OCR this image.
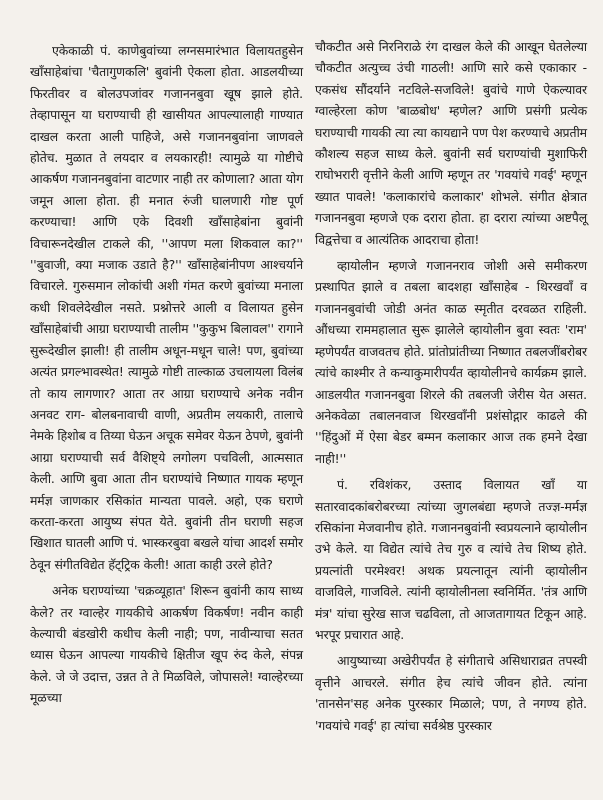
एकेकाळी पं. काणेबुवांच्या लग्नसमारंभात विलायतहुसेन खाँसाहेबांचा 'चैतागुणकलि' बुवांनी ऐकला होता. आडलयीच्या फिरतीवर व बोलउपजांवर गजाननबुवा खूष झाले होते. तेव्हापासून या घराण्याची ही खासीयत आपल्यालाही गाण्यात दाखल करता आली पाहिजे, असे गजाननबुवांना जाणवले होतेच. मुळात ते लयदार व लयकारही! त्यामुळे या गोष्टीचे आकर्षण गजाननबुवांना वाटणार नाही तर कोणाला? आता योग जमून आला होता. ही मनात रुंजी घालणारी गोष्ट पूर्ण करण्याचा! आणि एके दिवशी खाँसाहेबांना बुवांनी विचारूनदेखील टाकले की, ''आपण मला शिकवाल का?'' ''बुवाजी, क्या मजाक उडाते है?'' खाँसाहेबांनीपण आश्चर्याने विचारले. गुरुसमान लोकांची अशी गंमत करणे बुवांच्या मनाला कधी शिवलेदेखील नसते. प्रश्नोत्तरे आली व विलायत हुसेन खाँसाहेबांची आग्रा घराण्याची तालीम ''कुकुभ बिलावल'' रागाने सुरूदेखील झाली! ही तालीम अधून-मधून चाले! पण, बुवांच्या अत्यंत प्रगल्भावस्थेत! त्यामुळे गोष्टी ताल्काळ उचलायला विलंब तो काय लागणार? आता तर आग्रा घराण्याचे अनेक नवीन अनवट राग- बोलबनावाची वाणी, अप्रतीम लयकारी, तालाचे नेमके हिशोब व तिय्या घेऊन अचूक समेवर येऊन ठेपणे, बुवांनी आग्रा घराण्याची सर्व वैशिष्ट्ये लगोलग पचविली, आत्मसात केली. आणि बुवा आता तीन घराण्यांचे निष्णात गायक म्हणून मर्मज्ञ जाणकार रसिकांत मान्यता पावले. अहो, एक घराणे करता-करता आयुष्य संपत येते. बुवांनी तीन घराणी सहज खिशात घातली आणि पं. भास्करबुवा बखले यांचा आदर्श समोर ठेवून संगीतविद्येत हॅट्ट्रिक केली! आता काही उरले होते?

अनेक घराण्यांच्या 'चक्रव्यूहात' शिरून बुवांनी काय साध्य केले? तर ग्वाल्हेर गायकीचे आकर्षण विकर्षण! नवीन काही केल्याची बंडखोरी कधीच केली नाही; पण, नावीन्याचा सतत ध्यास घेऊन आपल्या गायकीचे क्षितीज खूप रुंद केले, संपन्न केले. जे जे उदात्त, उन्नत ते ते मिळविले, जोपासले! ग्वाल्हेरच्या मूळच्या

चौकटीत असे निरनिराळे रंग दाखल केले की आखून घेतलेल्या चौकटीत अत्युच्च उंची गाठली! आणि सारे कसे एकाकार - एकसंध सौंदर्याने नटविले-सजविले! बुवांचे गाणे ऐकल्यावर ग्वाल्हेरला कोण 'बाळबोध' म्हणेल? आणि प्रसंगी प्रत्येक घराण्याची गायकी त्या त्या कायद्याने पण पेश करण्याचे अप्रतीम कौशल्य सहज साध्य केले. बुवांनी सर्व घराण्यांची मुशाफिरी राघोभरारी वृत्तीने केली आणि म्हणून तर 'गवयांचे गवई' म्हणून ख्यात पावले! 'कलाकारांचे कलाकार' शोभले. संगीत क्षेत्रात गजाननबुवा म्हणजे एक दरारा होता. हा दरारा त्यांच्या अष्टपैलू विद्वत्तेचा व आत्यंतिक आदराचा होता!

व्हायोलीन म्हणजे गजाननराव जोशी असे समीकरण प्रस्थापित झाले व तबला बादशहा खाँसाहेब - थिरखवाँ व गजाननबुवांची जोडी अनंत काळ स्मृतीत दरवळत राहिली. औंधच्या राममहालात सुरू झालेले व्हायोलीन बुवा स्वतः 'राम' म्हणेपर्यंत वाजवतच होते. प्रांतोप्रांतीच्या निष्णात तबलजींबरोबर त्यांचे काश्मीर ते कन्याकुमारीपर्यंत व्हायोलीनचे कार्यक्रम झाले. आडलयीत गजाननबुवा शिरले की तबलजी जेरीस येत असत. अनेकवेळा तबालनवाज थिरखवाँनी प्रशंसोद्गार काढले की ''हिंदुओं में ऐसा बेडर बम्मन कलाकार आज तक हमने देखा नाही!''

पं. रविशंकर, उस्ताद विलायत खाँ या सतारवादकांबरोबरच्या त्यांच्या जुगलबंद्या म्हणजे तज्ज्ञ-मर्मज्ञ रसिकांना मेजवानीच होते. गजाननबुवांनी स्वप्रयत्नाने व्हायोलीन उभे केले. या विद्येत त्यांचे तेच गुरु व त्यांचे तेच शिष्य होते. प्रयत्नांती परमेश्वर! अथक प्रयत्नातून त्यांनी व्हायोलीन वाजविले, गाजविले. त्यांनी व्हायोलीनला स्वनिर्मित. 'तंत्र आणि मंत्र' यांचा सुरेख साज चढविला, तो आजतागायत टिकून आहे. भरपूर प्रचारात आहे.

आयुष्याच्या अखेरीपर्यंत हे संगीताचे असिधाराव्रत तपस्वी वृत्तीने आचरले. संगीत हेच त्यांचे जीवन होते. त्यांना 'तानसेन'सह अनेक पुरस्कार मिळाले; पण, ते नगण्य होते. 'गवयांचे गवई' हा त्यांचा सर्वश्रेष्ठ पुरस्कार
